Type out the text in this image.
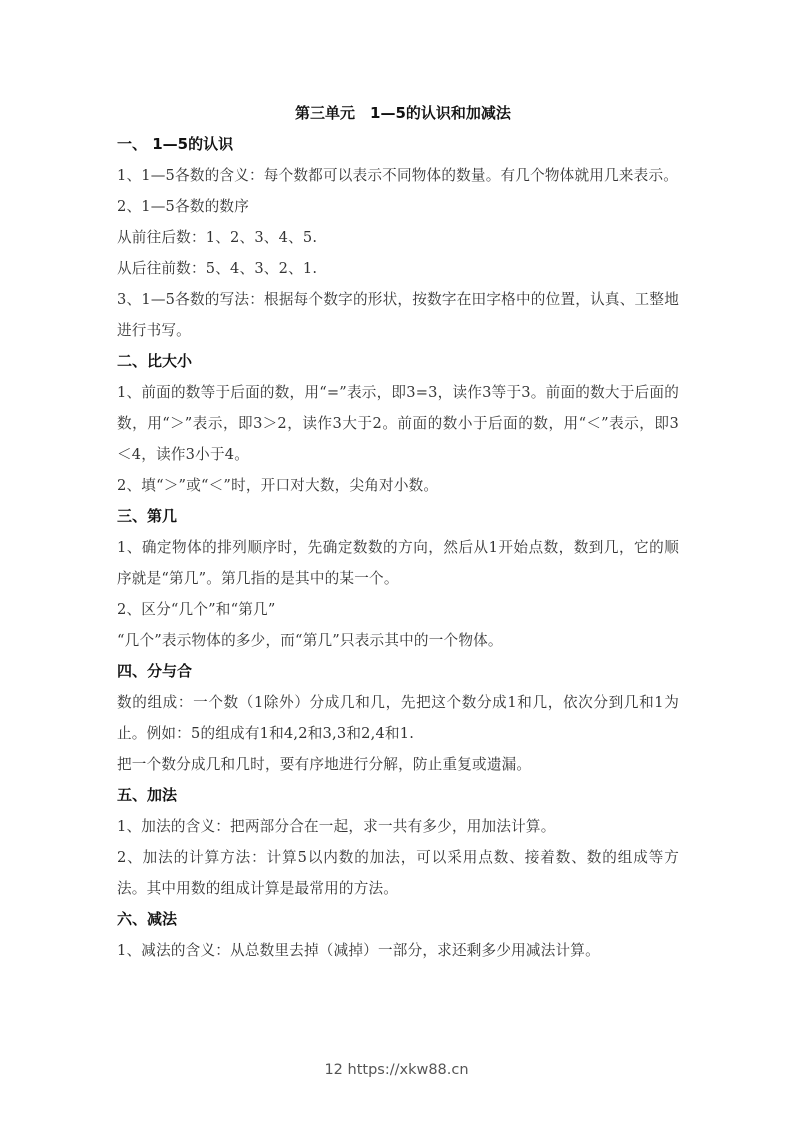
第三单元　1—5的认识和加减法
一、 1—5的认识

1、1—5各数的含义：每个数都可以表示不同物体的数量。有几个物体就用几来表示。

2、1—5各数的数序

从前往后数：1、2、3、4、5.

从后往前数：5、4、3、2、1.

3、1—5各数的写法：根据每个数字的形状，按数字在田字格中的位置，认真、工整地进行书写。

二、比大小

1、前面的数等于后面的数，用“=”表示，即3=3，读作3等于3。前面的数大于后面的数，用“＞”表示，即3＞2，读作3大于2。前面的数小于后面的数，用“＜”表示，即3＜4，读作3小于4。

2、填“＞”或“＜”时，开口对大数，尖角对小数。

三、第几

1、确定物体的排列顺序时，先确定数数的方向，然后从1开始点数，数到几，它的顺序就是“第几”。第几指的是其中的某一个。

2、区分“几个”和“第几”

“几个”表示物体的多少，而“第几”只表示其中的一个物体。

四、分与合

数的组成：一个数（1除外）分成几和几，先把这个数分成1和几，依次分到几和1为止。例如：5的组成有1和4,2和3,3和2,4和1.

把一个数分成几和几时，要有序地进行分解，防止重复或遗漏。

五、加法

1、加法的含义：把两部分合在一起，求一共有多少，用加法计算。

2、加法的计算方法：计算5以内数的加法，可以采用点数、接着数、数的组成等方法。其中用数的组成计算是最常用的方法。

六、减法

1、减法的含义：从总数里去掉（减掉）一部分，求还剩多少用减法计算。

12 https://xkw88.cn
